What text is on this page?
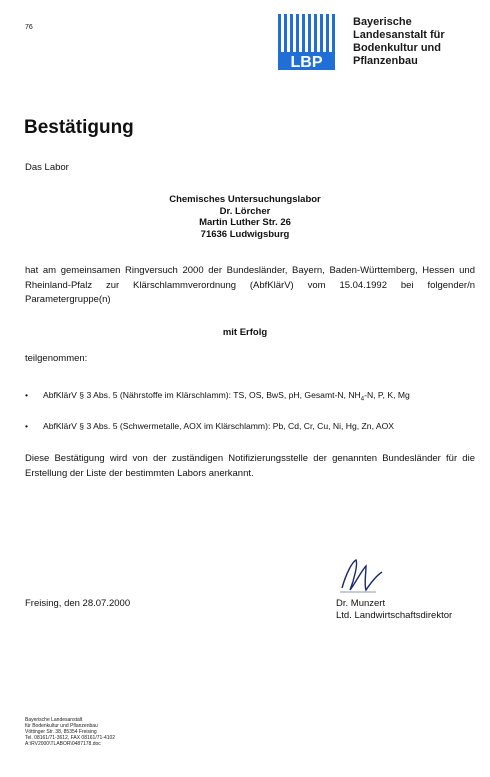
76
LBP
Bayerische
Landesanstalt für
Bodenkultur und
Pflanzenbau
Bestätigung
Das Labor
Chemisches Untersuchungslabor
Dr. Lörcher
Martin Luther Str. 26
71636 Ludwigsburg
hat am gemeinsamen Ringversuch 2000 der Bundesländer, Bayern, Baden-Württemberg, Hessen und Rheinland-Pfalz zur Klärschlammverordnung (AbfKlärV) vom 15.04.1992 bei folgender/n Parametergruppe(n)
mit Erfolg
teilgenommen:
• AbfKlärV § 3 Abs. 5 (Nährstoffe im Klärschlamm): TS, OS, BwS, pH, Gesamt-N, $NH_4-N$, P, K, Mg
• AbfKlärV § 3 Abs. 5 (Schwermetalle, AOX im Klärschlamm): Pb, Cd, Cr, Cu, Ni, Hg, Zn, AOX
Diese Bestätigung wird von der zuständigen Notifizierungsstelle der genannten Bundesländer für die Erstellung der Liste der bestimmten Labors anerkannt.
Freising, den 28.07.2000	Dr. Munzert
Ltd. Landwirtschaftsdirektor
Bayerische Landesanstalt
für Bodenkultur und Pflanzenbau
Vöttinger Str. 38, 85354 Freising
Tel. 08161/71-3612, FAX 08161/71-4102
A:\RV2000\TLABOR\0487178.doc
